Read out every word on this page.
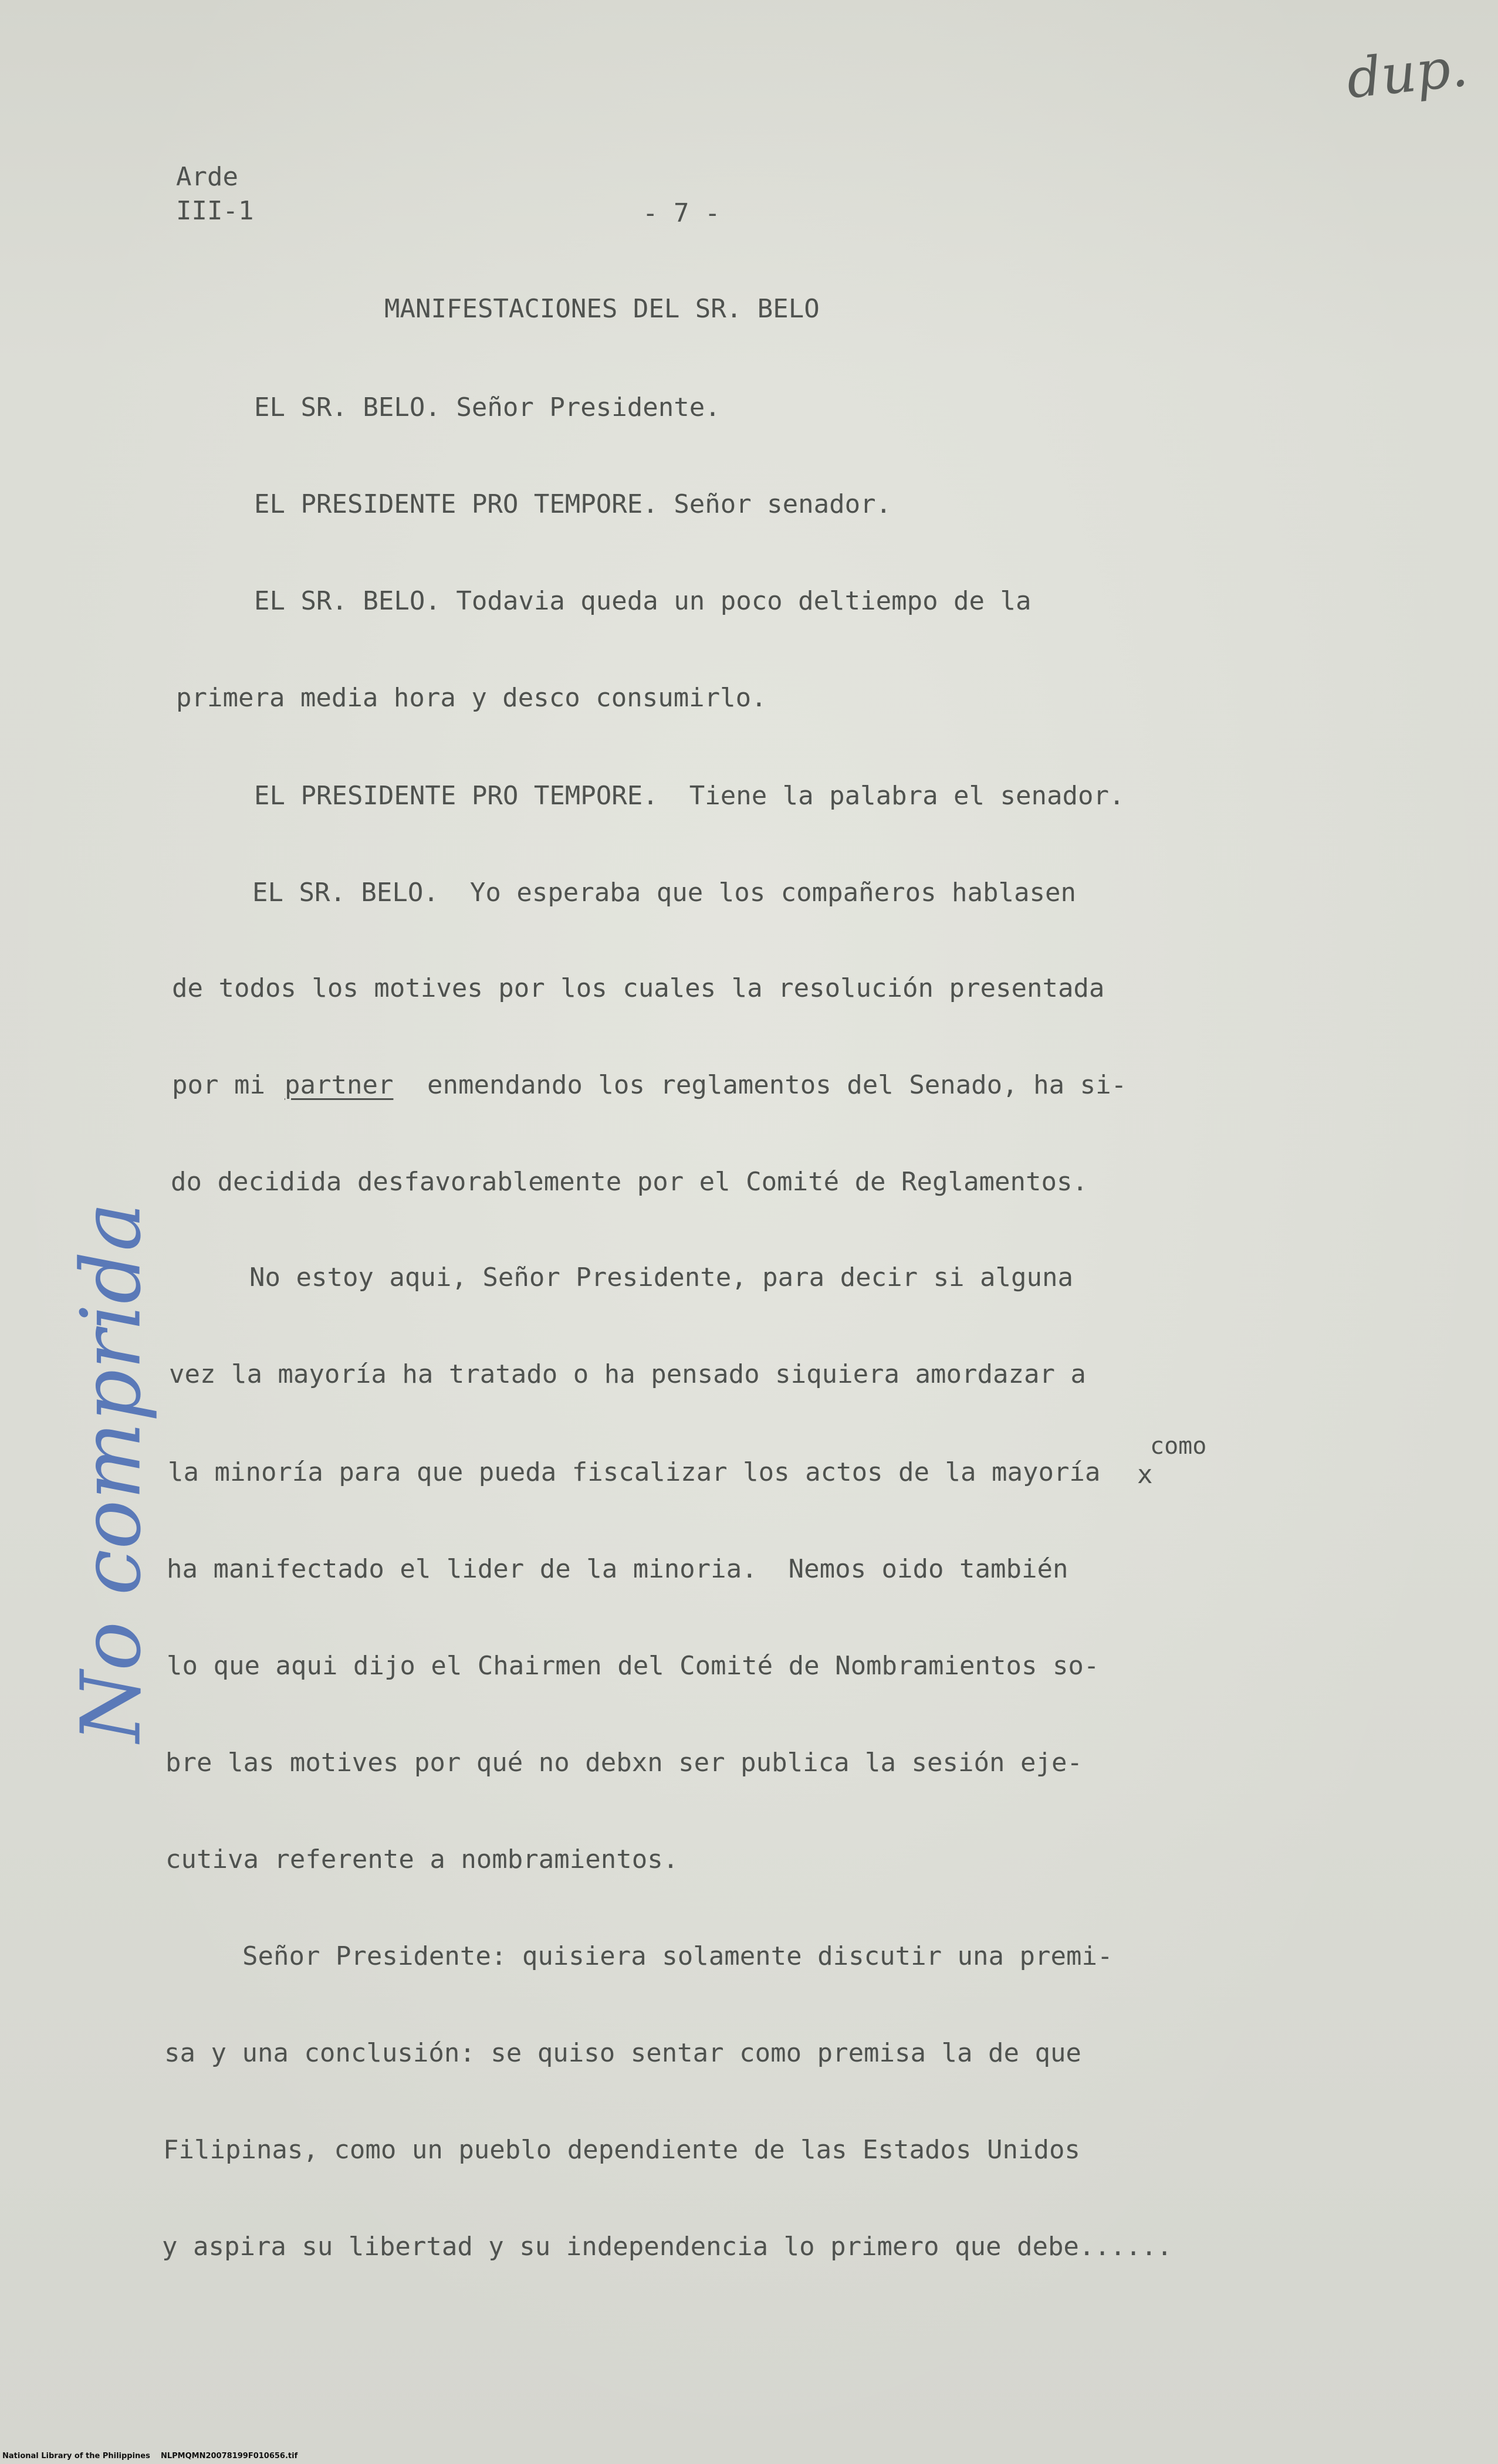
Arde
III-1	- 7 -
dup.
MANIFESTACIONES DEL SR. BELO
EL SR. BELO. Señor Presidente.
EL PRESIDENTE PRO TEMPORE. Señor senador.
EL SR. BELO. Todavia queda un poco deltiempo de la
primera media hora y desco consumirlo.
EL PRESIDENTE PRO TEMPORE.  Tiene la palabra el senador.
EL SR. BELO.  Yo esperaba que los compañeros hablasen
de todos los motives por los cuales la resolución presentada
por mi partner enmendando los reglamentos del Senado, ha si-
do decidida desfavorablemente por el Comité de Reglamentos.
No estoy aqui, Señor Presidente, para decir si alguna
vez la mayoría ha tratado o ha pensado siquiera amordazar a
como
la minoría para que pueda fiscalizar los actos de la mayoría x
ha manifectado el lider de la minoria.  Nemos oido también
lo que aqui dijo el Chairmen del Comité de Nombramientos so-
bre las motives por qué no debxn ser publica la sesión eje-
cutiva referente a nombramientos.
Señor Presidente: quisiera solamente discutir una premi-
sa y una conclusión: se quiso sentar como premisa la de que
Filipinas, como un pueblo dependiente de las Estados Unidos
y aspira su libertad y su independencia lo primero que debe......
No comprida
National Library of the Philippines    NLPMQMN20078199F010656.tif
